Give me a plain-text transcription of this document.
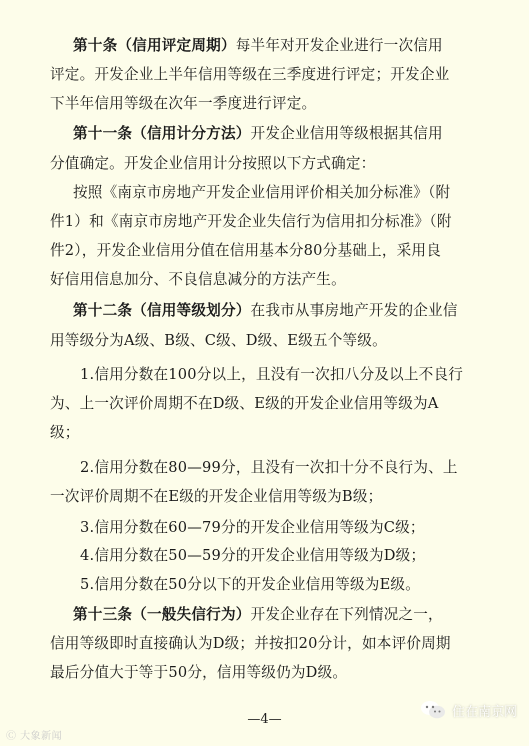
第十条（信用评定周期）每半年对开发企业进行一次信用
评定。开发企业上半年信用等级在三季度进行评定；开发企业
下半年信用等级在次年一季度进行评定。
第十一条（信用计分方法）开发企业信用等级根据其信用
分值确定。开发企业信用计分按照以下方式确定：
按照《南京市房地产开发企业信用评价相关加分标准》（附
件1）和《南京市房地产开发企业失信行为信用扣分标准》（附
件2），开发企业信用分值在信用基本分80分基础上，采用良
好信用信息加分、不良信息减分的方法产生。
第十二条（信用等级划分）在我市从事房地产开发的企业信
用等级分为A级、B级、C级、D级、E级五个等级。
1.信用分数在100分以上，且没有一次扣八分及以上不良行
为、上一次评价周期不在D级、E级的开发企业信用等级为A
级；
2.信用分数在80—99分，且没有一次扣十分不良行为、上
一次评价周期不在E级的开发企业信用等级为B级；
3.信用分数在60—79分的开发企业信用等级为C级；
4.信用分数在50—59分的开发企业信用等级为D级；
5.信用分数在50分以下的开发企业信用等级为E级。
第十三条（一般失信行为）开发企业存在下列情况之一，
信用等级即时直接确认为D级；并按扣20分计，如本评价周期
最后分值大于等于50分，信用等级仍为D级。
—4—
Ⓒ 大象新闻
住在南京网
